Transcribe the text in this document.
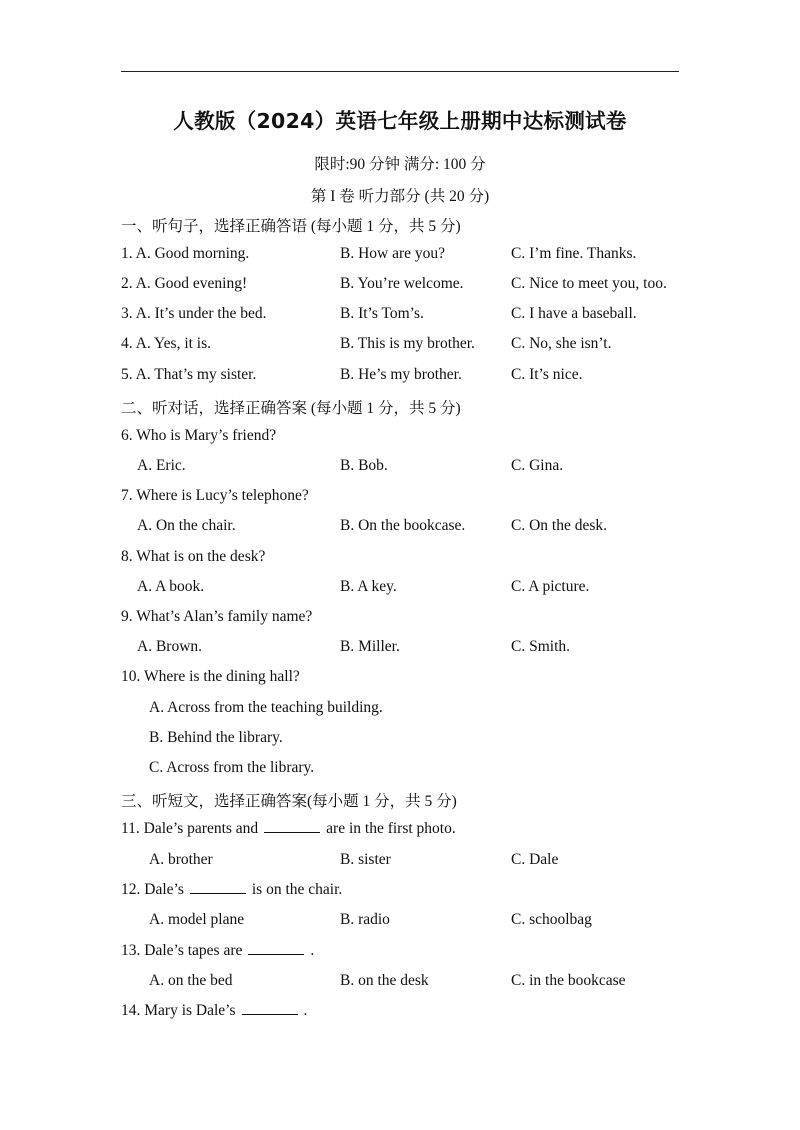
人教版（2024）英语七年级上册期中达标测试卷
限时:90 分钟 满分: 100 分
第 I 卷 听力部分 (共 20 分)
一、听句子，选择正确答语 (每小题 1 分，共 5 分)
1. A. Good morning.	B. How are you?	C. I’m fine. Thanks.
2. A. Good evening!	B. You’re welcome.	C. Nice to meet you, too.
3. A. It’s under the bed.	B. It’s Tom’s.	C. I have a baseball.
4. A. Yes, it is.	B. This is my brother. C. No, she isn’t.
5. A. That’s my sister.	B. He’s my brother.	C. It’s nice.
二、听对话，选择正确答案 (每小题 1 分，共 5 分)
6. Who is Mary’s friend?
A. Eric.	B. Bob.	C. Gina.
7. Where is Lucy’s telephone?
A. On the chair.	B. On the bookcase.	C. On the desk.
8. What is on the desk?
A. A book.	B. A key.	C. A picture.
9. What’s Alan’s family name?
A. Brown.	B. Miller.	C. Smith.
10. Where is the dining hall?
A. Across from the teaching building.
B. Behind the library.
C. Across from the library.
三、听短文，选择正确答案(每小题 1 分，共 5 分)
11. Dale’s parents and	are in the first photo.
A. brother	B. sister	C. Dale
12. Dale’s	is on the chair.
A. model plane	B. radio	C. schoolbag
13. Dale’s tapes are	.
A. on the bed	B. on the desk	C. in the bookcase
14. Mary is Dale’s	.
